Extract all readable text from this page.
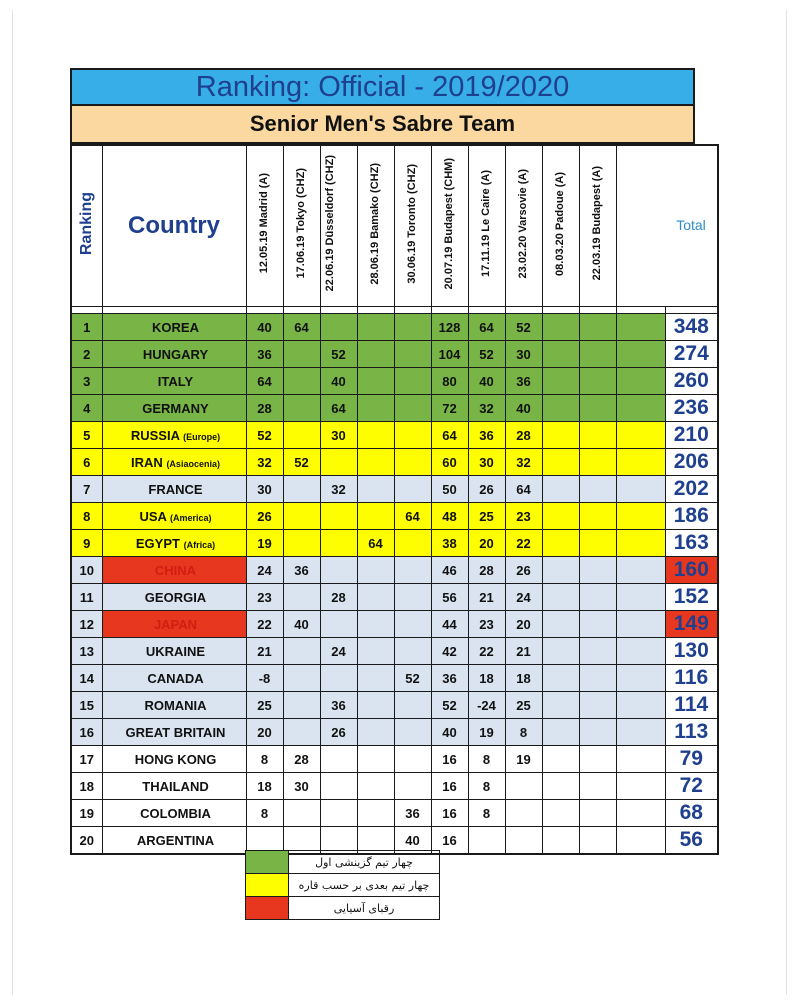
Ranking: Official - 2019/2020
Senior Men's Sabre Team
Ranking	Country	12.05.19 Madrid (A)	17.06.19 Tokyo (CHZ)	22.06.19 Düsseldorf (CHZ)	28.06.19 Bamako (CHZ)	30.06.19 Toronto (CHZ)	20.07.19 Budapest (CHM)	17.11.19 Le Caire (A)	23.02.20 Varsovie (A)	08.03.20 Padoue (A)	22.03.19 Budapest (A)		Total

1	KOREA	40	64				128	64	52				348
2	HUNGARY	36		52			104	52	30				274
3	ITALY	64		40			80	40	36				260
4	GERMANY	28		64			72	32	40				236
5	RUSSIA (Europe)	52		30			64	36	28				210
6	IRAN (Asiaocenia)	32	52				60	30	32				206
7	FRANCE	30		32			50	26	64				202
8	USA (America)	26				64	48	25	23				186
9	EGYPT (Africa)	19			64		38	20	22				163
10	CHINA	24	36				46	28	26				160
11	GEORGIA	23		28			56	21	24				152
12	JAPAN	22	40				44	23	20				149
13	UKRAINE	21		24			42	22	21				130
14	CANADA	-8				52	36	18	18				116
15	ROMANIA	25		36			52	-24	25				114
16	GREAT BRITAIN	20		26			40	19	8				113
17	HONG KONG	8	28				16	8	19				79
18	THAILAND	18	30				16	8					72
19	COLOMBIA	8				36	16	8					68
20	ARGENTINA					40	16						56
	چهار تیم گزینشی اول
	چهار تیم بعدی بر حسب قاره
	رقبای آسیایی
